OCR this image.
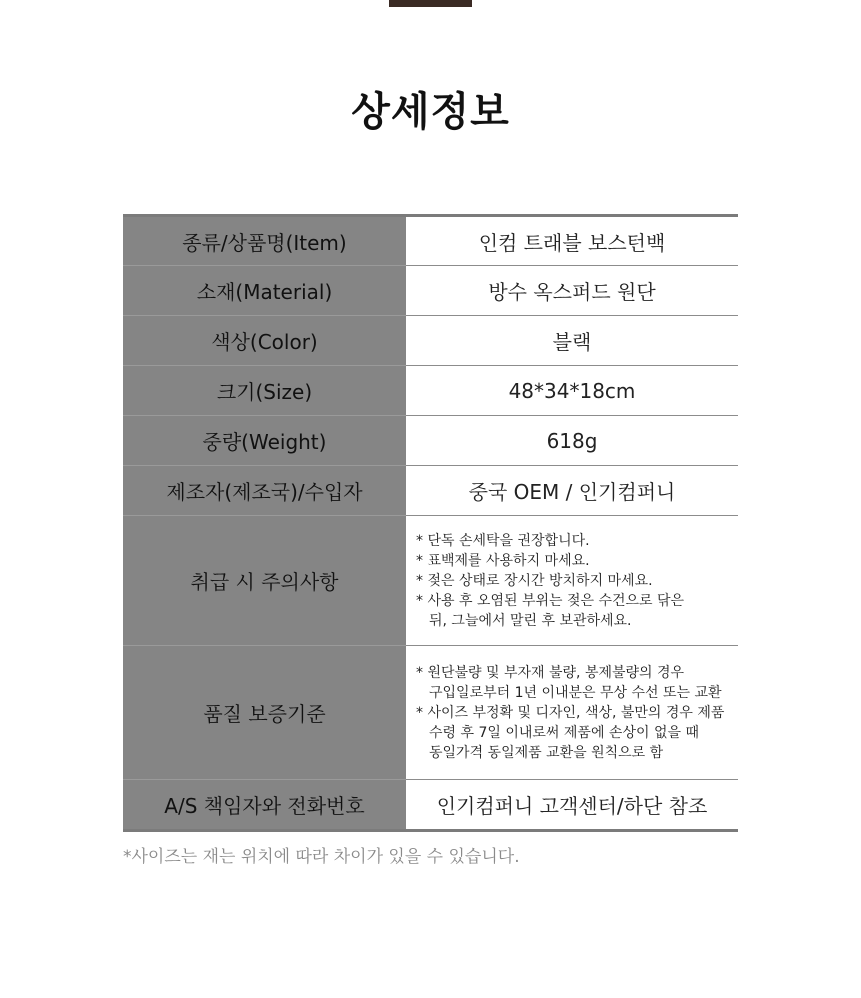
상세정보
종류/상품명(Item)	인컴 트래블 보스턴백
소재(Material)	방수 옥스퍼드 원단
색상(Color)	블랙
크기(Size)	48*34*18cm
중량(Weight)	618g
제조자(제조국)/수입자	중국 OEM / 인기컴퍼니
취급 시 주의사항	* 단독 손세탁을 권장합니다.
* 표백제를 사용하지 마세요.
* 젖은 상태로 장시간 방치하지 마세요.
* 사용 후 오염된 부위는 젖은 수건으로 닦은
뒤, 그늘에서 말린 후 보관하세요.

품질 보증기준	* 원단불량 및 부자재 불량, 봉제불량의 경우
구입일로부터 1년 이내분은 무상 수선 또는 교환
* 사이즈 부정확 및 디자인, 색상, 불만의 경우 제품
수령 후 7일 이내로써 제품에 손상이 없을 때
동일가격 동일제품 교환을 원칙으로 함

A/S 책임자와 전화번호	인기컴퍼니 고객센터/하단 참조
*사이즈는 재는 위치에 따라 차이가 있을 수 있습니다.
